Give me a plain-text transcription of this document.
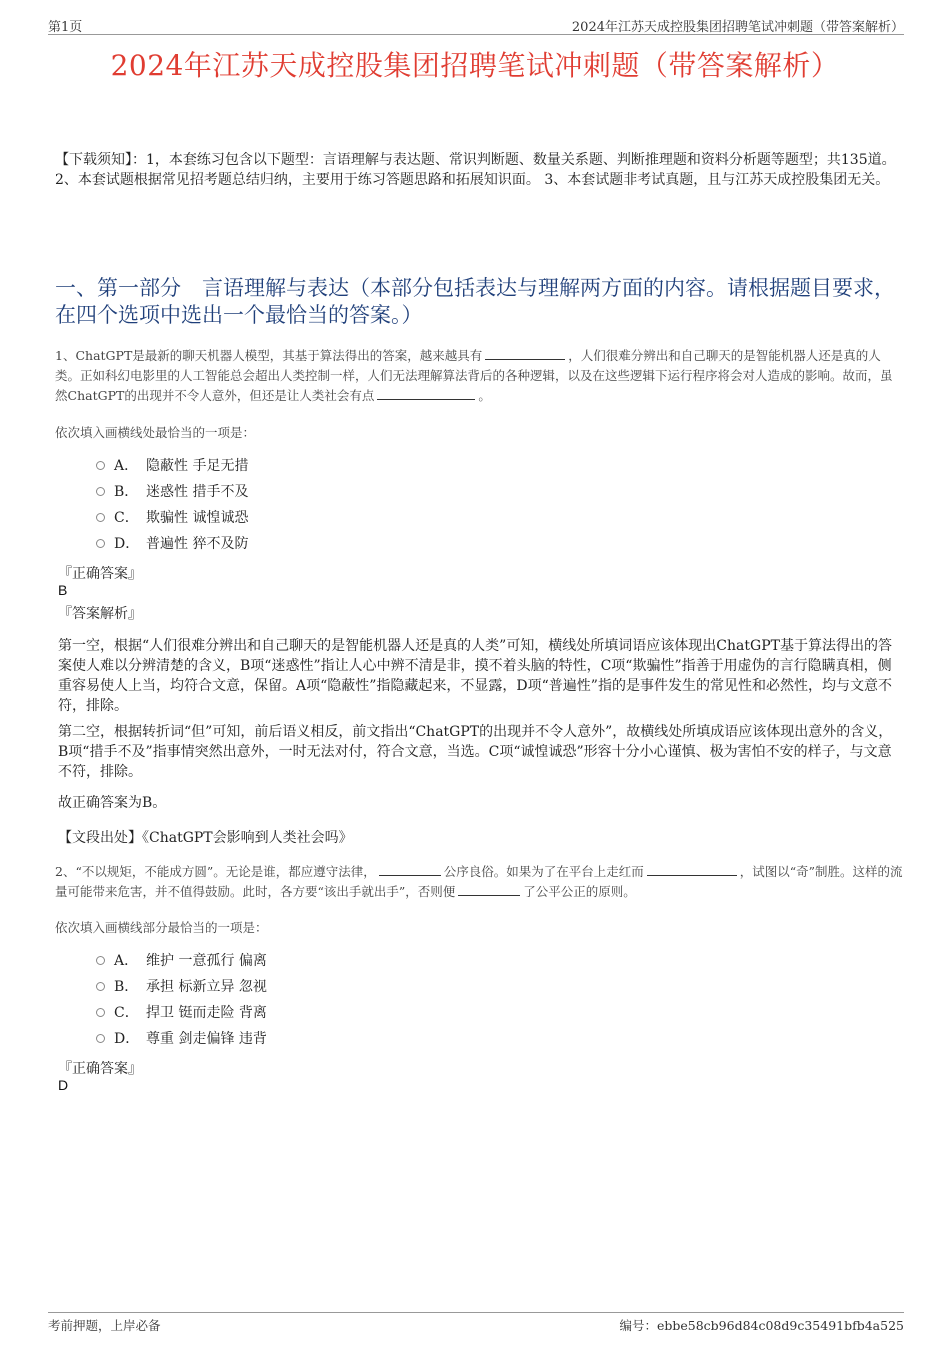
第1页	2024年江苏天成控股集团招聘笔试冲刺题（带答案解析）
2024年江苏天成控股集团招聘笔试冲刺题（带答案解析）
【下载须知】：1，本套练习包含以下题型：言语理解与表达题、常识判断题、数量关系题、判断推理题和资料分析题等题型；共135道。 2、本套试题根据常见招考题总结归纳，主要用于练习答题思路和拓展知识面。 3、本套试题非考试真题，且与江苏天成控股集团无关。
一、第一部分　言语理解与表达（本部分包括表达与理解两方面的内容。请根据题目要求，在四个选项中选出一个最恰当的答案。）
1、ChatGPT是最新的聊天机器人模型，其基于算法得出的答案，越来越具有	，人们很难分辨出和自己聊天的是智能机器人还是真的人类。正如科幻电影里的人工智能总会超出人类控制一样，人们无法理解算法背后的各种逻辑，以及在这些逻辑下运行程序将会对人造成的影响。故而，虽然ChatGPT的出现并不令人意外，但还是让人类社会有点	。
依次填入画横线处最恰当的一项是：
A． 隐蔽性 手足无措
B． 迷惑性 措手不及
C． 欺骗性 诚惶诚恐
D． 普遍性 猝不及防
『正确答案』
B
『答案解析』
第一空，根据“人们很难分辨出和自己聊天的是智能机器人还是真的人类”可知，横线处所填词语应该体现出ChatGPT基于算法得出的答案使人难以分辨清楚的含义，B项“迷惑性”指让人心中辨不清是非，摸不着头脑的特性，C项“欺骗性”指善于用虚伪的言行隐瞒真相，侧重容易使人上当，均符合文意，保留。A项“隐蔽性”指隐藏起来，不显露，D项“普遍性”指的是事件发生的常见性和必然性，均与文意不符，排除。
第二空，根据转折词“但”可知，前后语义相反，前文指出“ChatGPT的出现并不令人意外”，故横线处所填成语应该体现出意外的含义，B项“措手不及”指事情突然出意外，一时无法对付，符合文意，当选。C项“诚惶诚恐”形容十分小心谨慎、极为害怕不安的样子，与文意不符，排除。
故正确答案为B。
【文段出处】《ChatGPT会影响到人类社会吗》
2、“不以规矩，不能成方圆”。无论是谁，都应遵守法律，	公序良俗。如果为了在平台上走红而	，试图以“奇”制胜。这样的流量可能带来危害，并不值得鼓励。此时，各方要“该出手就出手”，否则便	了公平公正的原则。
依次填入画横线部分最恰当的一项是：
A． 维护 一意孤行 偏离
B． 承担 标新立异 忽视
C． 捍卫 铤而走险 背离
D． 尊重 剑走偏锋 违背
『正确答案』
D
考前押题，上岸必备	编号：ebbe58cb96d84c08d9c35491bfb4a525
